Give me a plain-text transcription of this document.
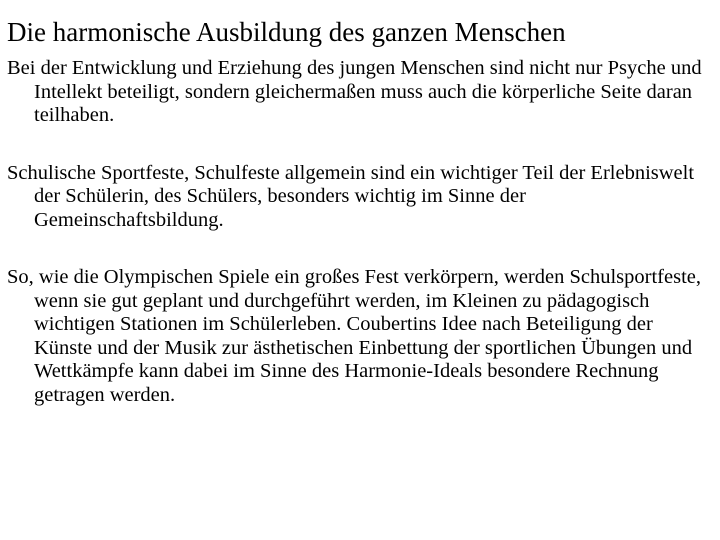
Die harmonische Ausbildung des ganzen Menschen

Bei der Entwicklung und Erziehung des jungen Menschen sind nicht nur Psyche und Intellekt beteiligt, sondern gleichermaßen muss auch die körperliche Seite daran teilhaben.

Schulische Sportfeste, Schulfeste allgemein sind ein wichtiger Teil der Erlebniswelt der Schülerin, des Schülers, besonders wichtig im Sinne der Gemeinschaftsbildung.

So, wie die Olympischen Spiele ein großes Fest verkörpern, werden Schulsportfeste, wenn sie gut geplant und durchgeführt werden, im Kleinen zu pädagogisch wichtigen Stationen im Schülerleben. Coubertins Idee nach Beteiligung der Künste und der Musik zur ästhetischen Einbettung der sportlichen Übungen und Wettkämpfe kann dabei im Sinne des Harmonie-Ideals besondere Rechnung getragen werden.
